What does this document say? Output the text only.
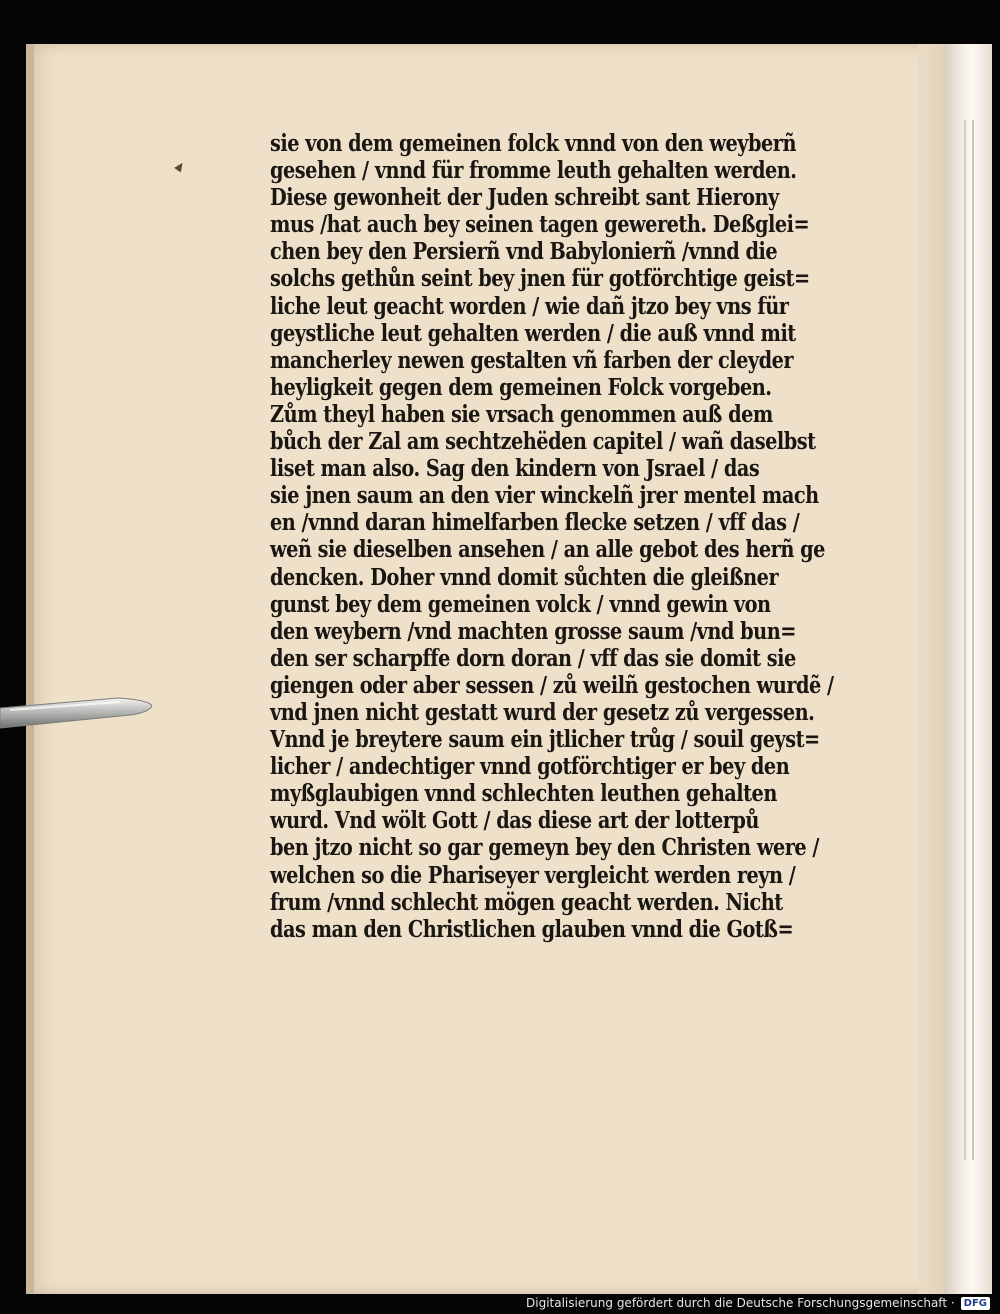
sie von dem gemeinen folck vnnd von den weyberñ
gesehen / vnnd für fromme leuth gehalten werden.
Diese gewonheit der Juden schreibt sant Hierony
mus /hat auch bey seinen tagen gewereth. Deßglei=
chen bey den Persierñ vnd Babylonierñ /vnnd die
solchs gethůn seint bey jnen für gotförchtige geist=
liche leut geacht worden / wie dañ jtzo bey vns für
geystliche leut gehalten werden / die auß vnnd mit
mancherley newen gestalten vñ farben der cleyder
heyligkeit gegen dem gemeinen Folck vorgeben.
Zům theyl haben sie vrsach genommen auß dem
bůch der Zal am sechtzehëden capitel / wañ daselbst
liset man also. Sag den kindern von Jsrael / das
sie jnen saum an den vier winckelñ jrer mentel mach
en /vnnd daran himelfarben flecke setzen / vff das /
weñ sie dieselben ansehen / an alle gebot des herñ ge
dencken. Doher vnnd domit sůchten die gleißner
gunst bey dem gemeinen volck / vnnd gewin von
den weybern /vnd machten grosse saum /vnd bun=
den ser scharpffe dorn doran / vff das sie domit sie
giengen oder aber sessen / zů weilñ gestochen wurdẽ /
vnd jnen nicht gestatt wurd der gesetz zů vergessen.
Vnnd je breytere saum ein jtlicher trůg / souil geyst=
licher / andechtiger vnnd gotförchtiger er bey den
myßglaubigen vnnd schlechten leuthen gehalten
wurd. Vnd wölt Gott / das diese art der lotterpů
ben jtzo nicht so gar gemeyn bey den Christen were /
welchen so die Phariseyer vergleicht werden reyn /
frum /vnnd schlecht mögen geacht werden. Nicht
das man den Christlichen glauben vnnd die Gotß=
Digitalisierung gefördert durch die Deutsche Forschungsgemeinschaft · DFG
